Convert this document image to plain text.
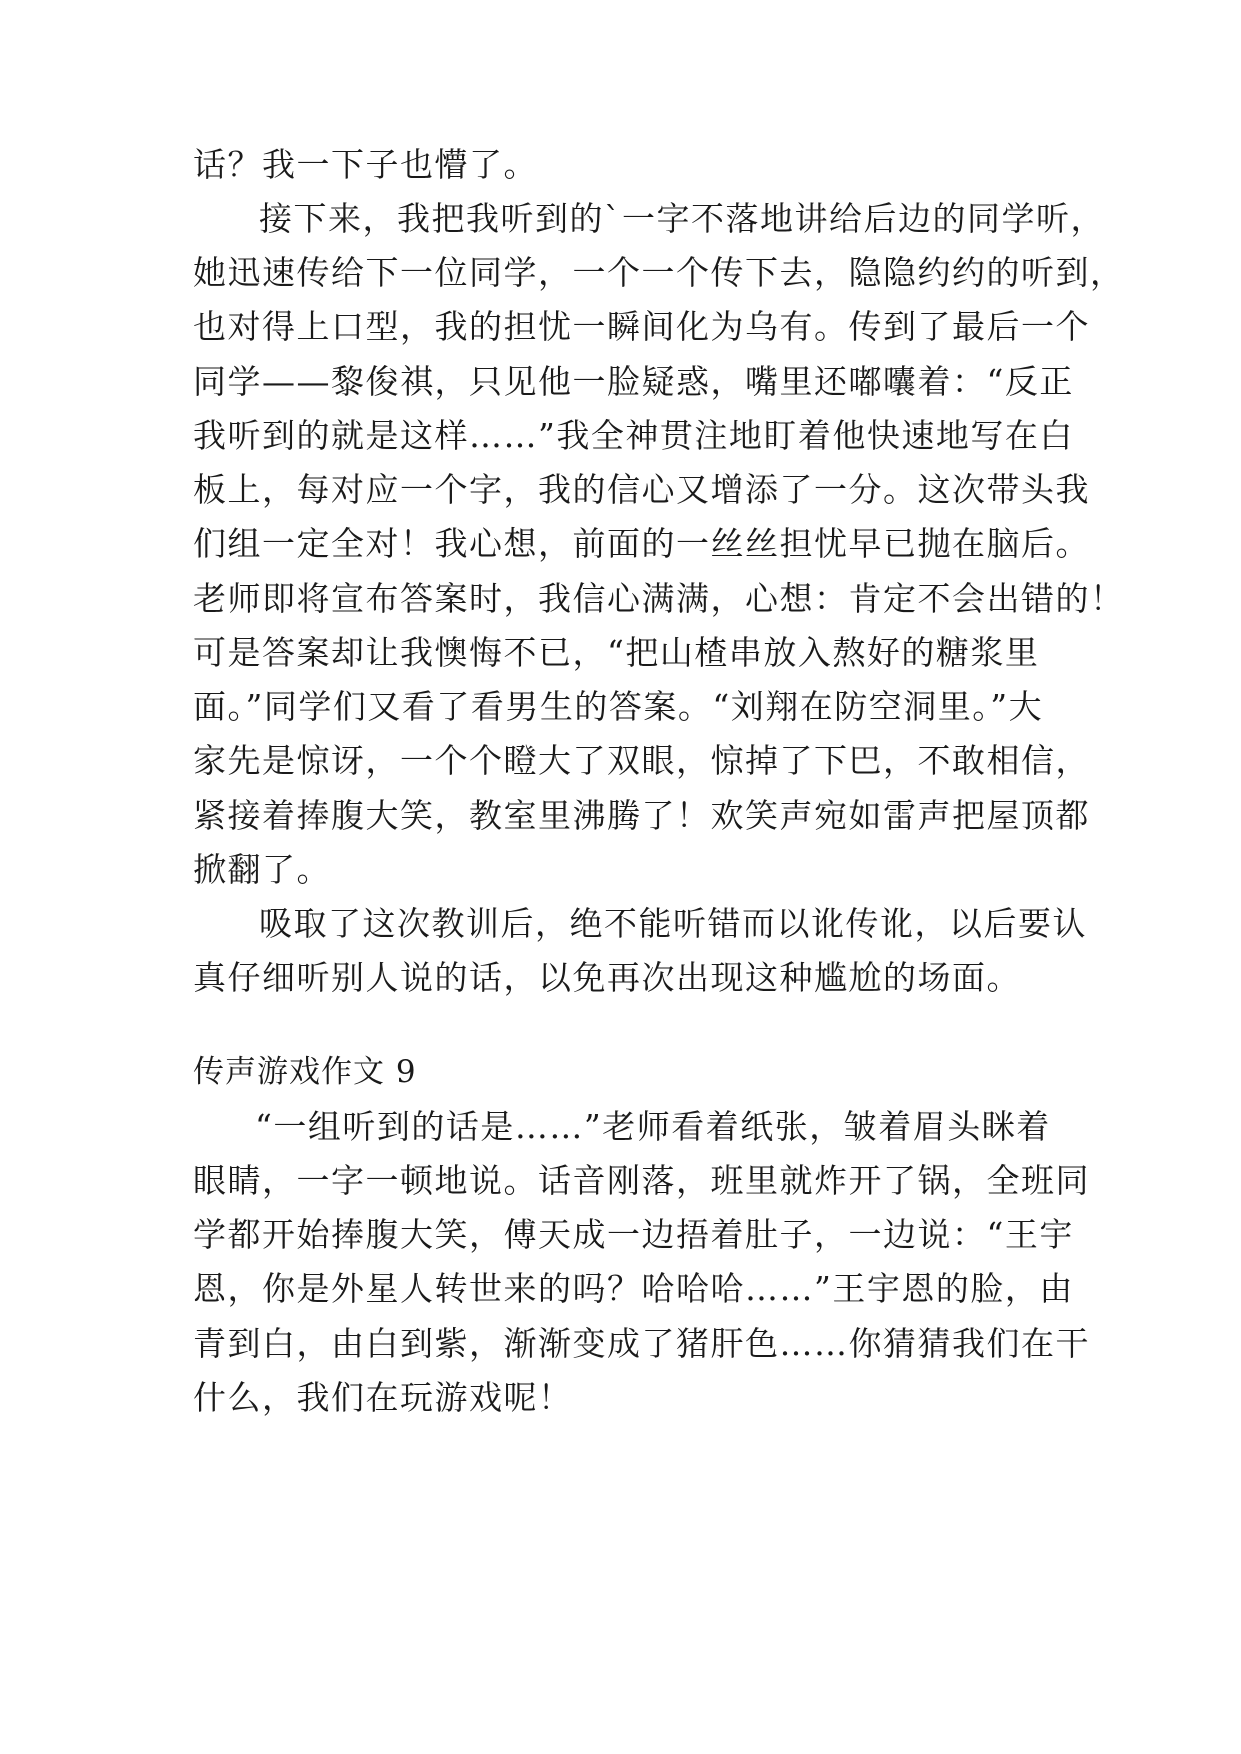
话？我一下子也懵了。
接下来，我把我听到的`一字不落地讲给后边的同学听，
她迅速传给下一位同学，一个一个传下去，隐隐约约的听到，
也对得上口型，我的担忧一瞬间化为乌有。传到了最后一个
同学——黎俊祺，只见他一脸疑惑，嘴里还嘟囔着：“反正
我听到的就是这样……”我全神贯注地盯着他快速地写在白
板上，每对应一个字，我的信心又增添了一分。这次带头我
们组一定全对！我心想，前面的一丝丝担忧早已抛在脑后。
老师即将宣布答案时，我信心满满，心想：肯定不会出错的！
可是答案却让我懊悔不已，“把山楂串放入熬好的糖浆里
面。”同学们又看了看男生的答案。“刘翔在防空洞里。”大
家先是惊讶，一个个瞪大了双眼，惊掉了下巴，不敢相信，
紧接着捧腹大笑，教室里沸腾了！欢笑声宛如雷声把屋顶都
掀翻了。
吸取了这次教训后，绝不能听错而以讹传讹，以后要认
真仔细听别人说的话，以免再次出现这种尴尬的场面。
传声游戏作文 9
“一组听到的话是……”老师看着纸张，皱着眉头眯着
眼睛，一字一顿地说。话音刚落，班里就炸开了锅，全班同
学都开始捧腹大笑，傅天成一边捂着肚子，一边说：“王宇
恩，你是外星人转世来的吗？哈哈哈……”王宇恩的脸，由
青到白，由白到紫，渐渐变成了猪肝色……你猜猜我们在干
什么，我们在玩游戏呢！
